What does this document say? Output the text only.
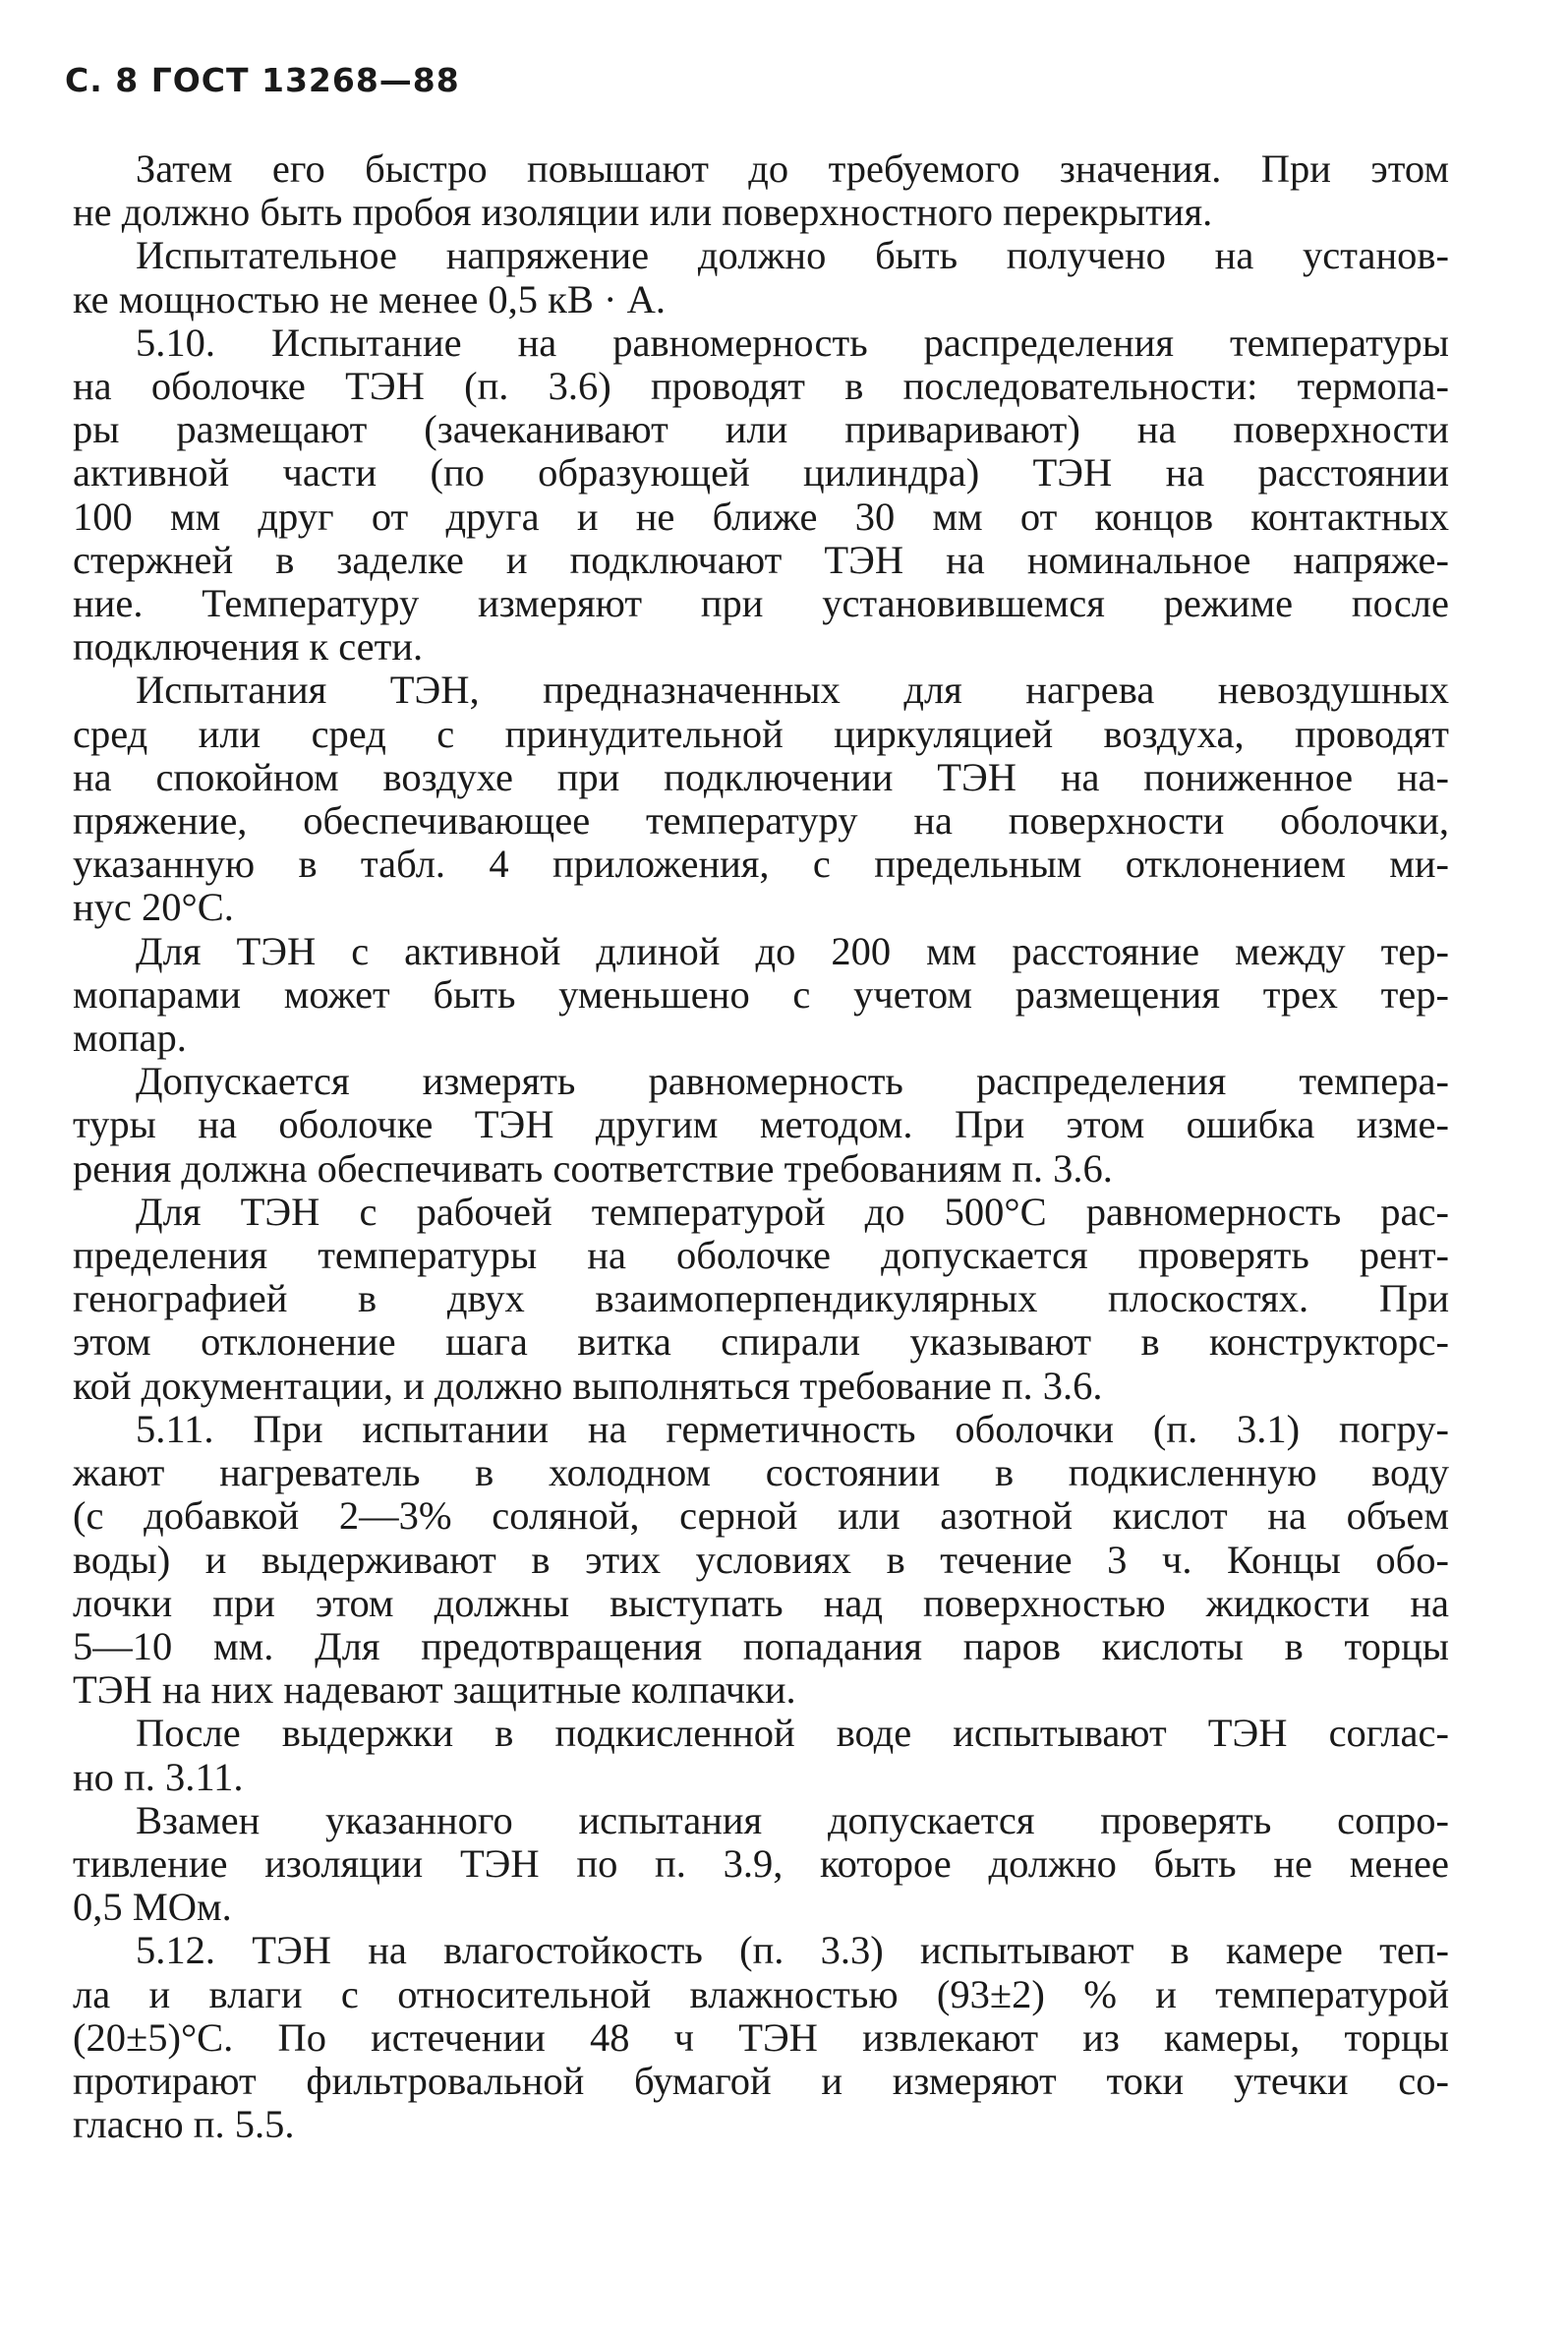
С. 8 ГОСТ 13268—88
Затем его быстро повышают до требуемого значения. При этом
не должно быть пробоя изоляции или поверхностного перекрытия.
Испытательное напряжение должно быть получено на установ-
ке мощностью не менее 0,5 кВ · А.
5.10. Испытание на равномерность распределения температуры
на оболочке ТЭН (п. 3.6) проводят в последовательности: термопа-
ры размещают (зачеканивают или приваривают) на поверхности
активной части (по образующей цилиндра) ТЭН на расстоянии
100 мм друг от друга и не ближе 30 мм от концов контактных
стержней в заделке и подключают ТЭН на номинальное напряже-
ние. Температуру измеряют при установившемся режиме после
подключения к сети.
Испытания ТЭН, предназначенных для нагрева невоздушных
сред или сред с принудительной циркуляцией воздуха, проводят
на спокойном воздухе при подключении ТЭН на пониженное на-
пряжение, обеспечивающее температуру на поверхности оболочки,
указанную в табл. 4 приложения, с предельным отклонением ми-
нус 20°С.
Для ТЭН с активной длиной до 200 мм расстояние между тер-
мопарами может быть уменьшено с учетом размещения трех тер-
мопар.
Допускается измерять равномерность распределения темпера-
туры на оболочке ТЭН другим методом. При этом ошибка изме-
рения должна обеспечивать соответствие требованиям п. 3.6.
Для ТЭН с рабочей температурой до 500°С равномерность рас-
пределения температуры на оболочке допускается проверять рент-
генографией в двух взаимоперпендикулярных плоскостях. При
этом отклонение шага витка спирали указывают в конструкторс-
кой документации, и должно выполняться требование п. 3.6.
5.11. При испытании на герметичность оболочки (п. 3.1) погру-
жают нагреватель в холодном состоянии в подкисленную воду
(с добавкой 2—3% соляной, серной или азотной кислот на объем
воды) и выдерживают в этих условиях в течение 3 ч. Концы обо-
лочки при этом должны выступать над поверхностью жидкости на
5—10 мм. Для предотвращения попадания паров кислоты в торцы
ТЭН на них надевают защитные колпачки.
После выдержки в подкисленной воде испытывают ТЭН соглас-
но п. 3.11.
Взамен указанного испытания допускается проверять сопро-
тивление изоляции ТЭН по п. 3.9, которое должно быть не менее
0,5 МОм.
5.12. ТЭН на влагостойкость (п. 3.3) испытывают в камере теп-
ла и влаги с относительной влажностью (93±2) % и температурой
(20±5)°С. По истечении 48 ч ТЭН извлекают из камеры, торцы
протирают фильтровальной бумагой и измеряют токи утечки со-
гласно п. 5.5.
